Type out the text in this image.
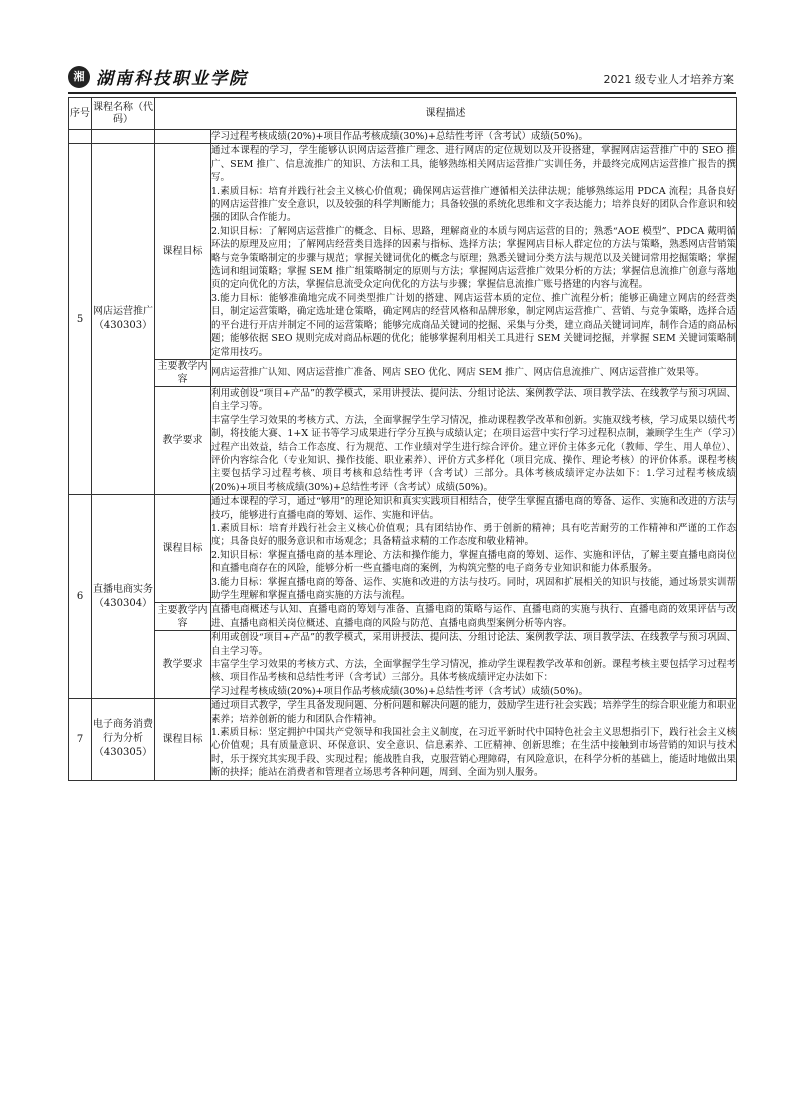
湘 湖南科技职业学院	2021 级专业人才培养方案
序号	课程名称（代码）	课程描述	
			学习过程考核成绩(20%)+项目作品考核成绩(30%)+总结性考评（含考试）成绩(50%)。
5	网店运营推广（430303）	课程目标	通过本课程的学习，学生能够认识网店运营推广理念、进行网店的定位规划以及开设搭建，掌握网店运营推广中的 SEO 推广、SEM 推广、信息流推广的知识、方法和工具，能够熟练相关网店运营推广实训任务，并最终完成网店运营推广报告的撰写。

1.素质目标：培育并践行社会主义核心价值观；确保网店运营推广遵循相关法律法规；能够熟练运用 PDCA 流程；具备良好的网店运营推广安全意识，以及较强的科学判断能力；具备较强的系统化思维和文字表达能力；培养良好的团队合作意识和较强的团队合作能力。

2.知识目标：了解网店运营推广的概念、目标、思路，理解商业的本质与网店运营的目的；熟悉“AOE 模型”、PDCA 戴明循环法的原理及应用；了解网店经营类目选择的因素与指标、选择方法；掌握网店目标人群定位的方法与策略，熟悉网店营销策略与竞争策略制定的步骤与规范；掌握关键词优化的概念与原理；熟悉关键词分类方法与规范以及关键词常用挖掘策略；掌握选词和组词策略；掌握 SEM 推广组策略制定的原则与方法；掌握网店运营推广效果分析的方法；掌握信息流推广创意与落地页的定向优化的方法，掌握信息流受众定向优化的方法与步骤；掌握信息流推广账号搭建的内容与流程。

3.能力目标：能够准确地完成不同类型推广计划的搭建、网店运营本质的定位、推广流程分析；能够正确建立网店的经营类目，制定运营策略，确定选址建仓策略，确定网店的经营风格和品牌形象，制定网店运营推广、营销、与竞争策略，选择合适的平台进行开店并制定不同的运营策略；能够完成商品关键词的挖掘、采集与分类，建立商品关键词词库，制作合适的商品标题；能够依据 SEO 规则完成对商品标题的优化；能够掌握利用相关工具进行 SEM 关键词挖掘，并掌握 SEM 关键词策略制定常用技巧。

		主要教学内容	网店运营推广认知、网店运营推广准备、网店 SEO 优化、网店 SEM 推广、网店信息流推广、网店运营推广效果等。

		教学要求	利用或创设“项目+产品”的教学模式，采用讲授法、提问法、分组讨论法、案例教学法、项目教学法、在线教学与预习巩固、自主学习等。

丰富学生学习效果的考核方式、方法，全面掌握学生学习情况，推动课程教学改革和创新。实施双线考核，学习成果以绩代考制，将技能大赛、1+X 证书等学习成果进行学分互换与成绩认定；在项目运营中实行学习过程积点制，兼顾学生生产（学习）过程产出效益，结合工作态度、行为规范、工作业绩对学生进行综合评价。建立评价主体多元化（教师、学生、用人单位）、评价内容综合化（专业知识、操作技能、职业素养）、评价方式多样化（项目完成、操作、理论考核）的评价体系。课程考核主要包括学习过程考核、项目考核和总结性考评（含考试）三部分。具体考核成绩评定办法如下：1.学习过程考核成绩(20%)+项目考核成绩(30%)+总结性考评（含考试）成绩(50%)。

6	直播电商实务（430304）	课程目标	通过本课程的学习，通过“够用”的理论知识和真实实践项目相结合，使学生掌握直播电商的筹备、运作、实施和改进的方法与技巧，能够进行直播电商的筹划、运作、实施和评估。

1.素质目标：培育并践行社会主义核心价值观；具有团结协作、勇于创新的精神；具有吃苦耐劳的工作精神和严谨的工作态度；具备良好的服务意识和市场观念；具备精益求精的工作态度和敬业精神。

2.知识目标：掌握直播电商的基本理论、方法和操作能力，掌握直播电商的筹划、运作、实施和评估，了解主要直播电商岗位和直播电商存在的风险，能够分析一些直播电商的案例，为构筑完整的电子商务专业知识和能力体系服务。

3.能力目标：掌握直播电商的筹备、运作、实施和改进的方法与技巧。同时，巩固和扩展相关的知识与技能，通过场景实训帮助学生理解和掌握直播电商实施的方法与流程。

		主要教学内容	直播电商概述与认知、直播电商的筹划与准备、直播电商的策略与运作、直播电商的实施与执行、直播电商的效果评估与改进、直播电商相关岗位概述、直播电商的风险与防范、直播电商典型案例分析等内容。

		教学要求	利用或创设“项目+产品”的教学模式，采用讲授法、提问法、分组讨论法、案例教学法、项目教学法、在线教学与预习巩固、自主学习等。

丰富学生学习效果的考核方式、方法，全面掌握学生学习情况，推动学生课程教学改革和创新。课程考核主要包括学习过程考核、项目作品考核和总结性考评（含考试）三部分。具体考核成绩评定办法如下：

学习过程考核成绩(20%)+项目作品考核成绩(30%)+总结性考评（含考试）成绩(50%)。

7	电子商务消费行为分析（430305）	课程目标	通过项目式教学，学生具备发现问题、分析问题和解决问题的能力，鼓励学生进行社会实践；培养学生的综合职业能力和职业素养；培养创新的能力和团队合作精神。

1.素质目标：坚定拥护中国共产党领导和我国社会主义制度，在习近平新时代中国特色社会主义思想指引下，践行社会主义核心价值观；具有质量意识、环保意识、安全意识、信息素养、工匠精神、创新思维；在生活中接触到市场营销的知识与技术时，乐于探究其实现手段、实现过程；能战胜自我，克服营销心理障碍，有风险意识，在科学分析的基础上，能适时地做出果断的抉择；能站在消费者和管理者立场思考各种问题，周到、全面为别人服务。
